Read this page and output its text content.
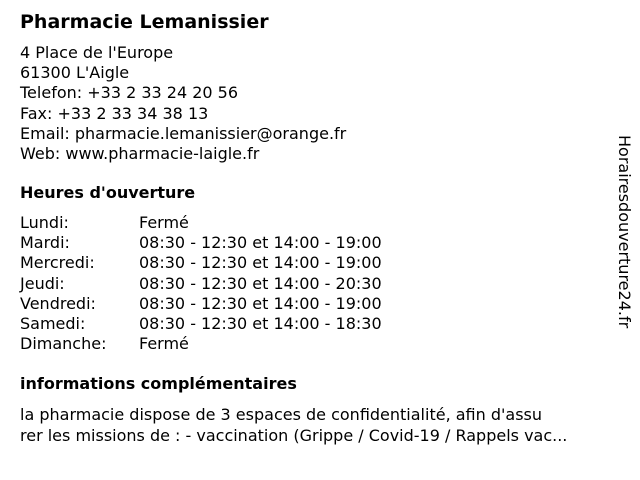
Pharmacie Lemanissier
4 Place de l'Europe
61300 L'Aigle
Telefon: +33 2 33 24 20 56
Fax: +33 2 33 34 38 13
Email: pharmacie.lemanissier@orange.fr
Web: www.pharmacie-laigle.fr
Heures d'ouverture
Lundi:	Fermé
Mardi:	08:30 - 12:30 et 14:00 - 19:00
Mercredi:	08:30 - 12:30 et 14:00 - 19:00
Jeudi:	08:30 - 12:30 et 14:00 - 20:30
Vendredi:	08:30 - 12:30 et 14:00 - 19:00
Samedi:	08:30 - 12:30 et 14:00 - 18:30
Dimanche: Fermé
informations complémentaires
la pharmacie dispose de 3 espaces de confidentialité, afin d'assu
rer les missions de : - vaccination (Grippe / Covid-19 / Rappels vac...
Horairesdouverture24.fr
